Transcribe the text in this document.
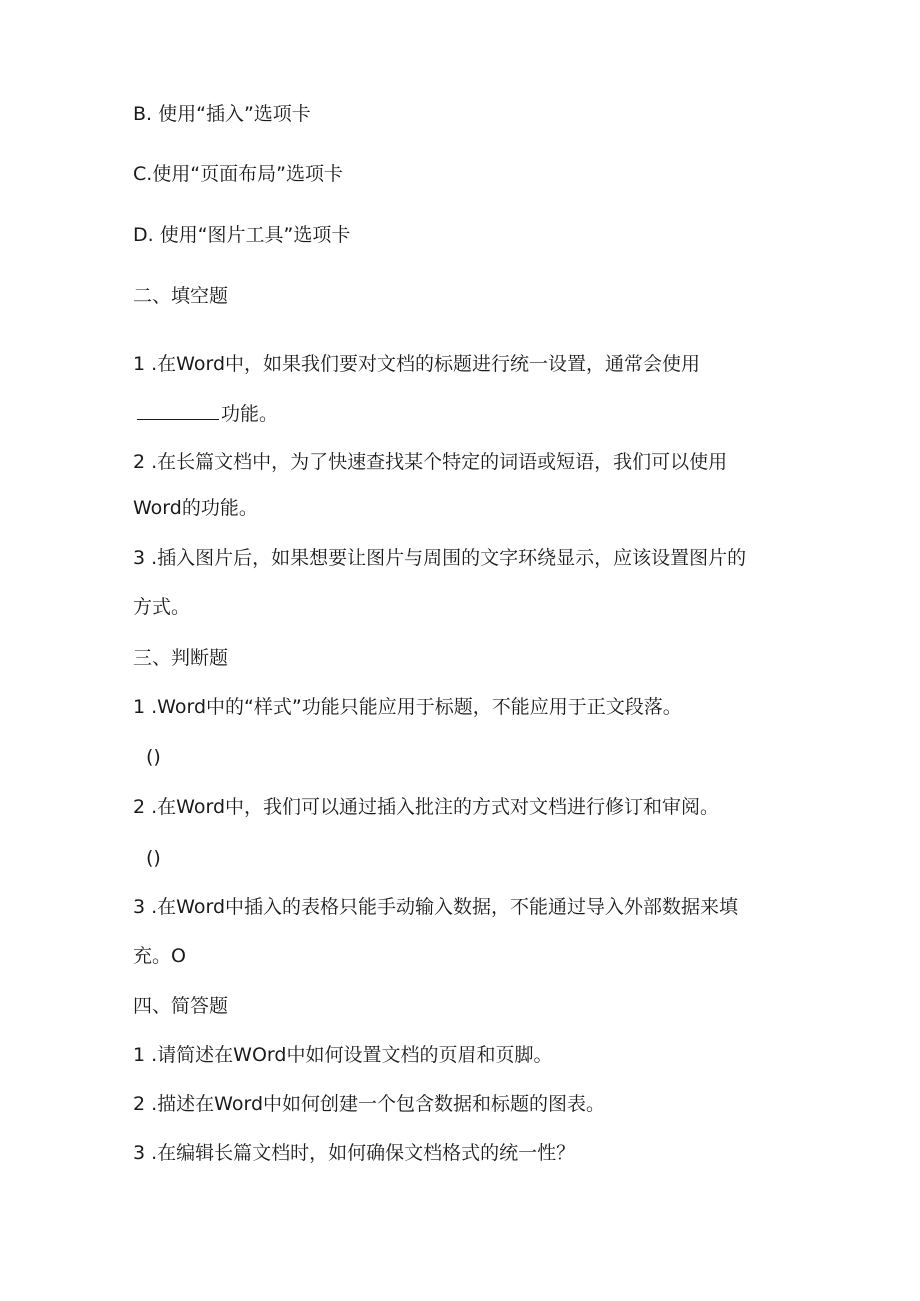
B. 使用“插入”选项卡

C.使用“页面布局”选项卡

D. 使用“图片工具”选项卡

二、填空题

1 .在Word中，如果我们要对文档的标题进行统一设置，通常会使用

功能。

2 .在长篇文档中，为了快速查找某个特定的词语或短语，我们可以使用

Word的功能。

3 .插入图片后，如果想要让图片与周围的文字环绕显示，应该设置图片的

方式。

三、判断题

1 .Word中的“样式”功能只能应用于标题，不能应用于正文段落。

()

2 .在Word中，我们可以通过插入批注的方式对文档进行修订和审阅。

()

3 .在Word中插入的表格只能手动输入数据，不能通过导入外部数据来填

充。O

四、简答题

1 .请简述在WOrd中如何设置文档的页眉和页脚。

2 .描述在Word中如何创建一个包含数据和标题的图表。

3 .在编辑长篇文档时，如何确保文档格式的统一性？
